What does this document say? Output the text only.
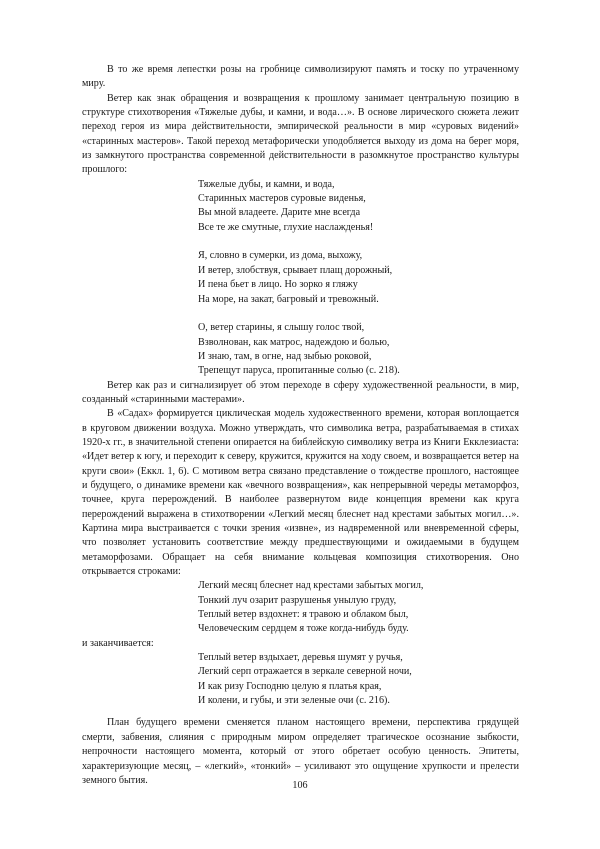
В то же время лепестки розы на гробнице символизируют память и тоску по утраченному миру.

Ветер как знак обращения и возвращения к прошлому занимает центральную позицию в структуре стихотворения «Тяжелые дубы, и камни, и вода…». В основе лирического сюжета лежит переход героя из мира действительности, эмпирической реальности в мир «суровых видений» «старинных мастеров». Такой переход метафорически уподобляется выходу из дома на берег моря, из замкнутого пространства современной действительности в разомкнутое пространство культуры прошлого:

Тяжелые дубы, и камни, и вода,
Старинных мастеров суровые виденья,
Вы мной владеете. Дарите мне всегда
Все те же смутные, глухие наслажденья!
Я, словно в сумерки, из дома, выхожу,
И ветер, злобствуя, срывает плащ дорожный,
И пена бьет в лицо. Но зорко я гляжу
На море, на закат, багровый и тревожный.
О, ветер старины, я слышу голос твой,
Взволнован, как матрос, надеждою и болью,
И знаю, там, в огне, над зыбью роковой,
Трепещут паруса, пропитанные солью (с. 218).

Ветер как раз и сигнализирует об этом переходе в сферу художественной реальности, в мир, созданный «старинными мастерами».

В «Садах» формируется циклическая модель художественного времени, которая воплощается в круговом движении воздуха. Можно утверждать, что символика ветра, разрабатываемая в стихах 1920-х гг., в значительной степени опирается на библейскую символику ветра из Книги Екклезиаста: «Идет ветер к югу, и переходит к северу, кружится, кружится на ходу своем, и возвращается ветер на круги свои» (Еккл. 1, 6). С мотивом ветра связано представление о тождестве прошлого, настоящее и будущего, о динамике времени как «вечного возвращения», как непрерывной череды метаморфоз, точнее, круга перерождений. В наиболее развернутом виде концепция времени как круга перерождений выражена в стихотворении «Легкий месяц блеснет над крестами забытых могил…». Картина мира выстраивается с точки зрения «извне», из надвременной или вневременной сферы, что позволяет установить соответствие между предшествующими и ожидаемыми в будущем метаморфозами. Обращает на себя внимание кольцевая композиция стихотворения. Оно открывается строками:

Легкий месяц блеснет над крестами забытых могил,
Тонкий луч озарит разрушенья унылую груду,
Теплый ветер вздохнет: я травою и облаком был,
Человеческим сердцем я тоже когда-нибудь буду.

и заканчивается:

Теплый ветер вздыхает, деревья шумят у ручья,
Легкий серп отражается в зеркале северной ночи,
И как ризу Господню целую я платья края,
И колени, и губы, и эти зеленые очи (с. 216).

План будущего времени сменяется планом настоящего времени, перспектива грядущей смерти, забвения, слияния с природным миром определяет трагическое осознание зыбкости, непрочности настоящего момента, который от этого обретает особую ценность. Эпитеты, характеризующие месяц, – «легкий», «тонкий» – усиливают это ощущение хрупкости и прелести земного бытия.	106
